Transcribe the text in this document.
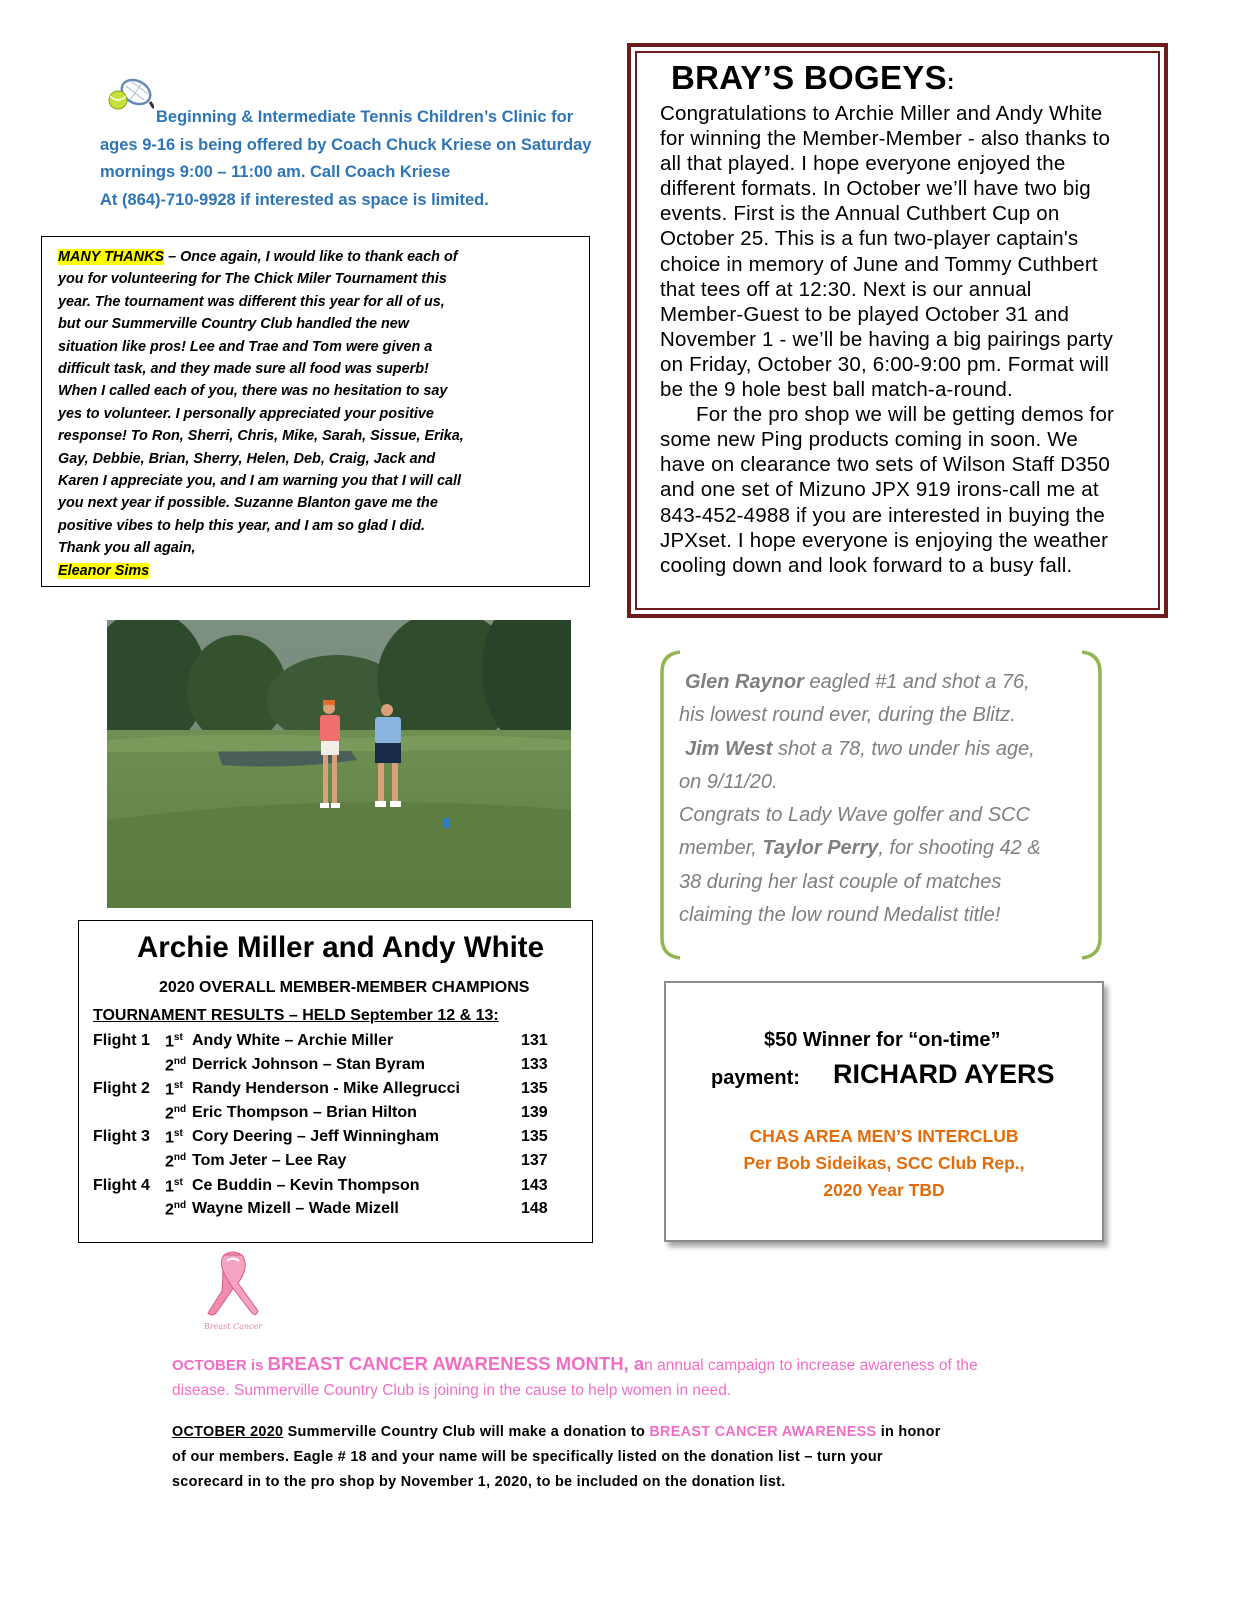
Beginning & Intermediate Tennis Children’s Clinic for
ages 9-16 is being offered by Coach Chuck Kriese on Saturday
mornings 9:00 – 11:00 am. Call Coach Kriese
At (864)-710-9928 if interested as space is limited.

MANY THANKS – Once again, I would like to thank each of
you for volunteering for The Chick Miler Tournament this
year. The tournament was different this year for all of us,
but our Summerville Country Club handled the new
situation like pros! Lee and Trae and Tom were given a
difficult task, and they made sure all food was superb!
When I called each of you, there was no hesitation to say
yes to volunteer. I personally appreciated your positive
response! To Ron, Sherri, Chris, Mike, Sarah, Sissue, Erika,
Gay, Debbie, Brian, Sherry, Helen, Deb, Craig, Jack and
Karen I appreciate you, and I am warning you that I will call
you next year if possible. Suzanne Blanton gave me the
positive vibes to help this year, and I am so glad I did.
Thank you all again,
Eleanor Sims

BRAY’S BOGEYS:

Congratulations to Archie Miller and Andy White
for winning the Member-Member - also thanks to
all that played. I hope everyone enjoyed the
different formats. In October we’ll have two big
events. First is the Annual Cuthbert Cup on
October 25. This is a fun two-player captain's
choice in memory of June and Tommy Cuthbert
that tees off at 12:30. Next is our annual
Member-Guest to be played October 31 and
November 1 - we’ll be having a big pairings party
on Friday, October 30, 6:00-9:00 pm. Format will
be the 9 hole best ball match-a-round.
For the pro shop we will be getting demos for
some new Ping products coming in soon. We
have on clearance two sets of Wilson Staff D350
and one set of Mizuno JPX 919 irons-call me at
843-452-4988 if you are interested in buying the
JPXset. I hope everyone is enjoying the weather
cooling down and look forward to a busy fall.

Archie Miller and Andy White
2020 OVERALL MEMBER-MEMBER CHAMPIONS
TOURNAMENT RESULTS – HELD September 12 & 13:
Flight 1 1st Andy White – Archie Miller	131
2nd Derrick Johnson – Stan Byram	133
Flight 2 1st Randy Henderson - Mike Allegrucci	135
2nd Eric Thompson – Brian Hilton	139
Flight 3 1st Cory Deering – Jeff Winningham	135
2nd Tom Jeter – Lee Ray	137
Flight 4 1st Ce Buddin – Kevin Thompson	143
2nd Wayne Mizell – Wade Mizell	148

Glen Raynor eagled #1 and shot a 76,
his lowest round ever, during the Blitz.
Jim West shot a 78, two under his age,
on 9/11/20.
Congrats to Lady Wave golfer and SCC
member, Taylor Perry, for shooting 42 &
38 during her last couple of matches
claiming the low round Medalist title!

$50 Winner for “on-time”
payment: RICHARD AYERS

CHAS AREA MEN’S INTERCLUB
Per Bob Sideikas, SCC Club Rep.,
2020 Year TBD

Breast Cancer

OCTOBER is BREAST CANCER AWARENESS MONTH, an annual campaign to increase awareness of the
disease. Summerville Country Club is joining in the cause to help women in need.

OCTOBER 2020 Summerville Country Club will make a donation to BREAST CANCER AWARENESS in honor
of our members. Eagle # 18 and your name will be specifically listed on the donation list – turn your
scorecard in to the pro shop by November 1, 2020, to be included on the donation list.
